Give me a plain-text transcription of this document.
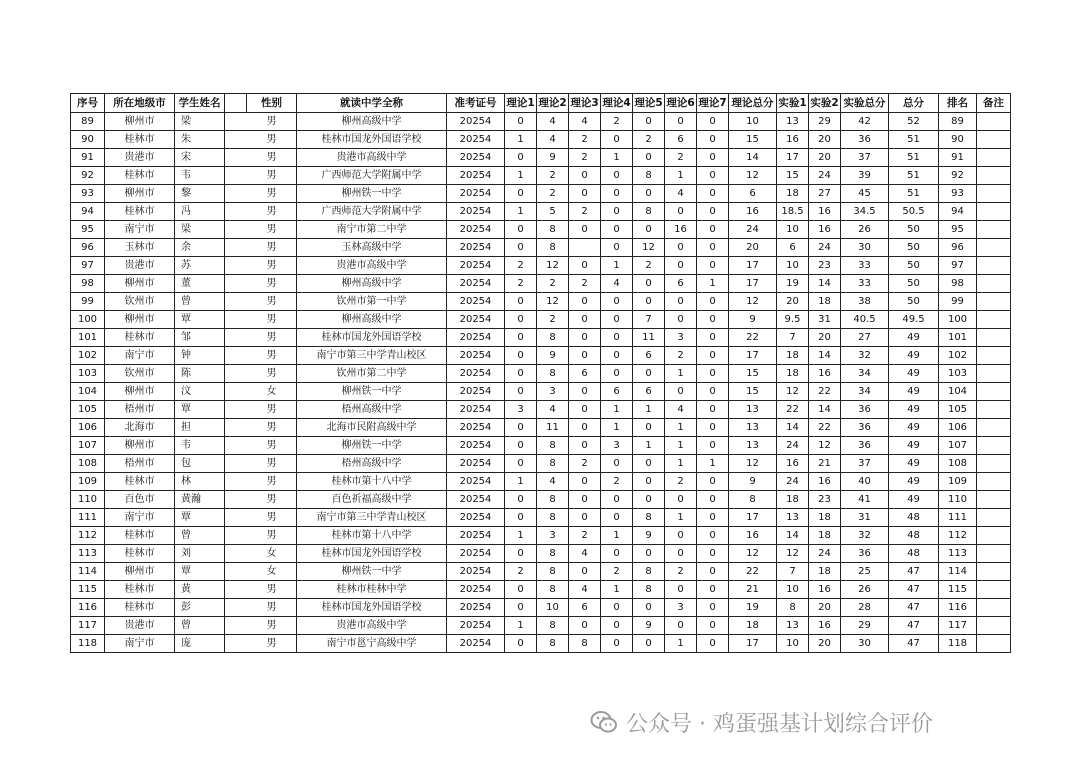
序号	所在地级市	学生姓名		性别	就读中学全称	准考证号	理论1	理论2	理论3	理论4	理论5	理论6	理论7	理论总分	实验1	实验2	实验总分	总分	排名	备注
89	柳州市	梁		男	柳州高级中学	20254	0	4	4	2	0	0	0	10	13	29	42	52	89	
90	桂林市	朱		男	桂林市国龙外国语学校	20254	1	4	2	0	2	6	0	15	16	20	36	51	90	
91	贵港市	宋		男	贵港市高级中学	20254	0	9	2	1	0	2	0	14	17	20	37	51	91	
92	桂林市	韦		男	广西师范大学附属中学	20254	1	2	0	0	8	1	0	12	15	24	39	51	92	
93	柳州市	黎		男	柳州铁一中学	20254	0	2	0	0	0	4	0	6	18	27	45	51	93	
94	桂林市	冯		男	广西师范大学附属中学	20254	1	5	2	0	8	0	0	16	18.5	16	34.5	50.5	94	
95	南宁市	梁		男	南宁市第二中学	20254	0	8	0	0	0	16	0	24	10	16	26	50	95	
96	玉林市	余		男	玉林高级中学	20254	0	8		0	12	0	0	20	6	24	30	50	96	
97	贵港市	苏		男	贵港市高级中学	20254	2	12	0	1	2	0	0	17	10	23	33	50	97	
98	柳州市	董		男	柳州高级中学	20254	2	2	2	4	0	6	1	17	19	14	33	50	98	
99	钦州市	曾		男	钦州市第一中学	20254	0	12	0	0	0	0	0	12	20	18	38	50	99	
100	柳州市	覃		男	柳州高级中学	20254	0	2	0	0	7	0	0	9	9.5	31	40.5	49.5	100	
101	桂林市	邹		男	桂林市国龙外国语学校	20254	0	8	0	0	11	3	0	22	7	20	27	49	101	
102	南宁市	钟		男	南宁市第三中学青山校区	20254	0	9	0	0	6	2	0	17	18	14	32	49	102	
103	钦州市	陈		男	钦州市第二中学	20254	0	8	6	0	0	1	0	15	18	16	34	49	103	
104	柳州市	汶		女	柳州铁一中学	20254	0	3	0	6	6	0	0	15	12	22	34	49	104	
105	梧州市	覃		男	梧州高级中学	20254	3	4	0	1	1	4	0	13	22	14	36	49	105	
106	北海市	担		男	北海市民附高级中学	20254	0	11	0	1	0	1	0	13	14	22	36	49	106	
107	柳州市	韦		男	柳州铁一中学	20254	0	8	0	3	1	1	0	13	24	12	36	49	107	
108	梧州市	包		男	梧州高级中学	20254	0	8	2	0	0	1	1	12	16	21	37	49	108	
109	桂林市	林		男	桂林市第十八中学	20254	1	4	0	2	0	2	0	9	24	16	40	49	109	
110	百色市	黄瀚		男	百色祈福高级中学	20254	0	8	0	0	0	0	0	8	18	23	41	49	110	
111	南宁市	覃		男	南宁市第三中学青山校区	20254	0	8	0	0	8	1	0	17	13	18	31	48	111	
112	桂林市	曾		男	桂林市第十八中学	20254	1	3	2	1	9	0	0	16	14	18	32	48	112	
113	桂林市	刘		女	桂林市国龙外国语学校	20254	0	8	4	0	0	0	0	12	12	24	36	48	113	
114	柳州市	覃		女	柳州铁一中学	20254	2	8	0	2	8	2	0	22	7	18	25	47	114	
115	桂林市	黄		男	桂林市桂林中学	20254	0	8	4	1	8	0	0	21	10	16	26	47	115	
116	桂林市	彭		男	桂林市国龙外国语学校	20254	0	10	6	0	0	3	0	19	8	20	28	47	116	
117	贵港市	曾		男	贵港市高级中学	20254	1	8	0	0	9	0	0	18	13	16	29	47	117	
118	南宁市	庞		男	南宁市邕宁高级中学	20254	0	8	8	0	0	1	0	17	10	20	30	47	118	
公众号 · 鸡蛋强基计划综合评价
